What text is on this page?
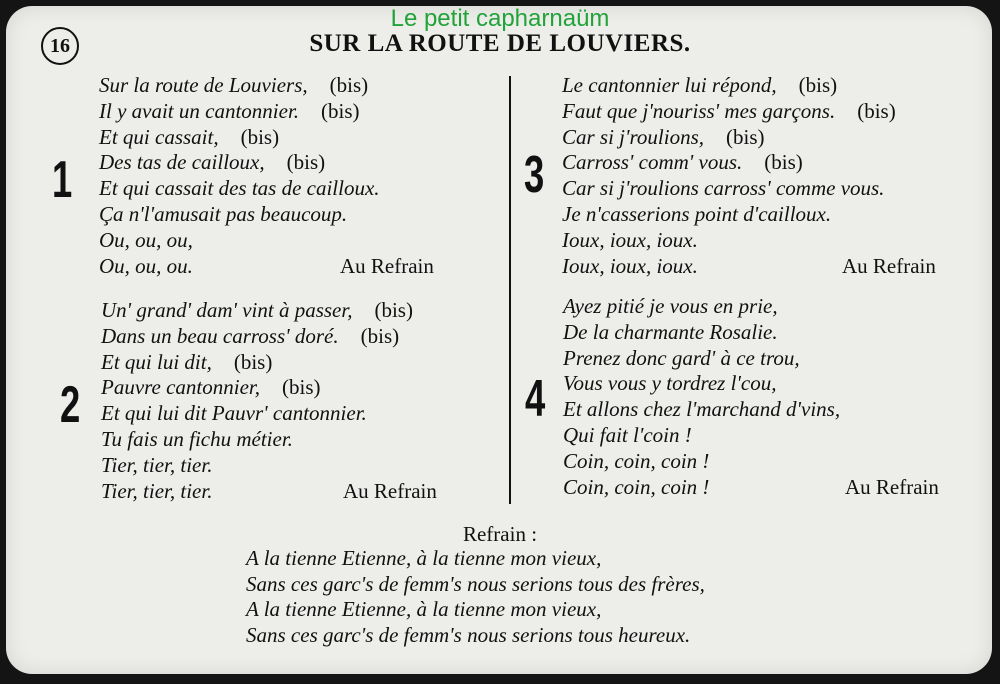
Le petit capharnaüm
16	SUR LA ROUTE DE LOUVIERS.
1
Sur la route de Louviers, (bis)
Il y avait un cantonnier. (bis)
Et qui cassait, (bis)
Des tas de cailloux, (bis)
Et qui cassait des tas de cailloux.
Ça n'l'amusait pas beaucoup.
Ou, ou, ou,
Ou, ou, ou.	Au Refrain
2
Un' grand' dam' vint à passer, (bis)
Dans un beau carross' doré. (bis)
Et qui lui dit, (bis)
Pauvre cantonnier, (bis)
Et qui lui dit Pauvr' cantonnier.
Tu fais un fichu métier.
Tier, tier, tier.
Tier, tier, tier.	Au Refrain
3
Le cantonnier lui répond, (bis)
Faut que j'nouriss' mes garçons. (bis)
Car si j'roulions, (bis)
Carross' comm' vous. (bis)
Car si j'roulions carross' comme vous.
Je n'casserions point d'cailloux.
Ioux, ioux, ioux.
Ioux, ioux, ioux.	Au Refrain
4
Ayez pitié je vous en prie,
De la charmante Rosalie.
Prenez donc gard' à ce trou,
Vous vous y tordrez l'cou,
Et allons chez l'marchand d'vins,
Qui fait l'coin !
Coin, coin, coin !
Coin, coin, coin !	Au Refrain
Refrain :
A la tienne Etienne, à la tienne mon vieux,
Sans ces garc's de femm's nous serions tous des frères,
A la tienne Etienne, à la tienne mon vieux,
Sans ces garc's de femm's nous serions tous heureux.
